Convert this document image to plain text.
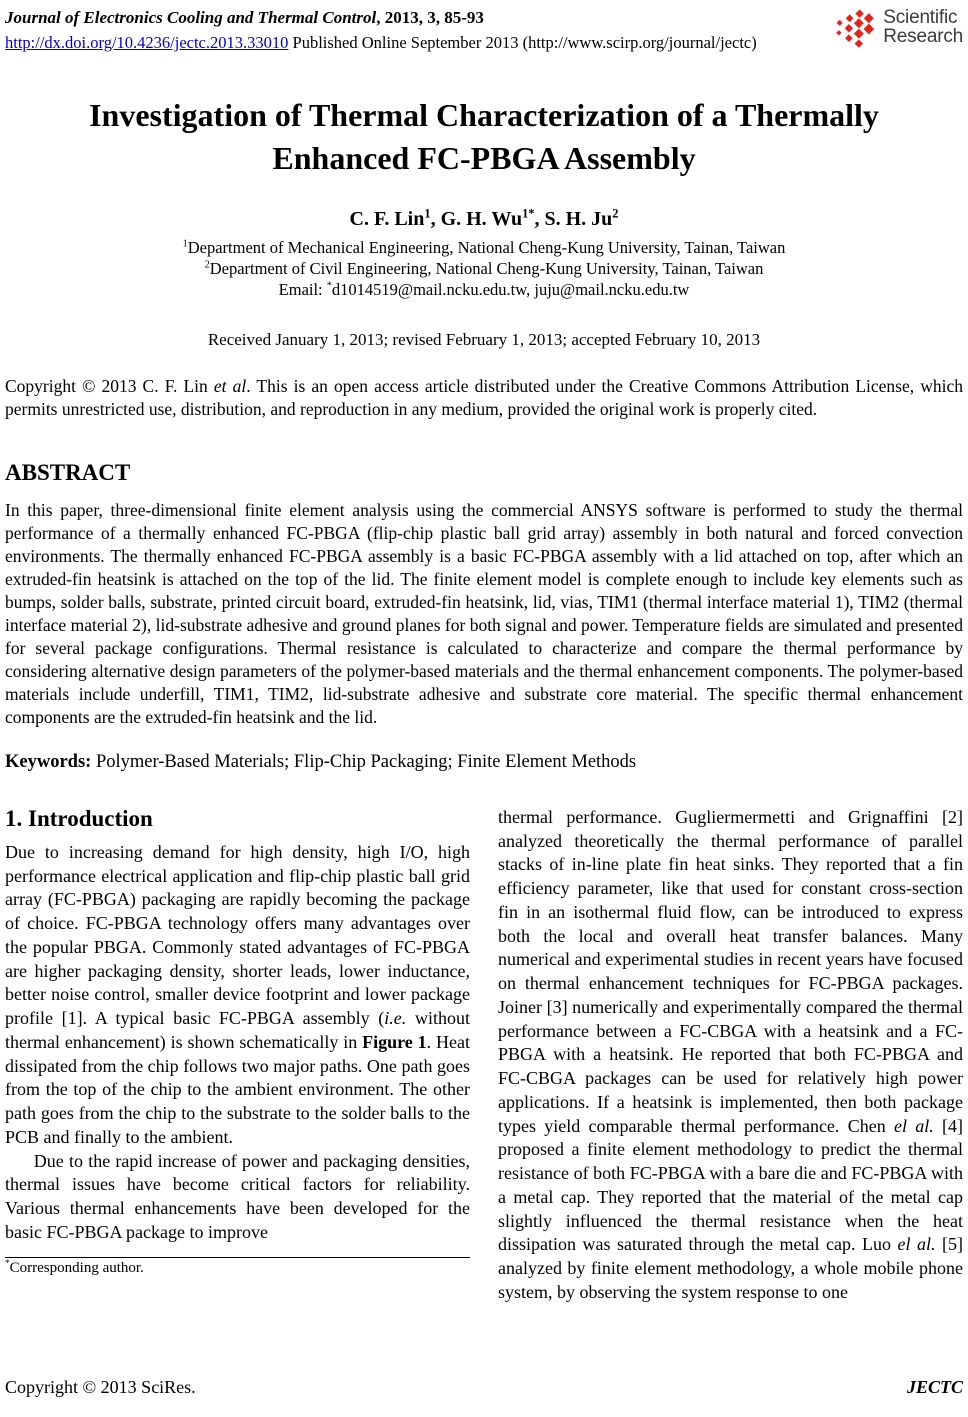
Journal of Electronics Cooling and Thermal Control, 2013, 3, 85-93
http://dx.doi.org/10.4236/jectc.2013.33010 Published Online September 2013 (http://www.scirp.org/journal/jectc)
Scientific
Research
Investigation of Thermal Characterization of a Thermally
Enhanced FC-PBGA Assembly
C. F. Lin$^1$, G. H. $Wu^{1*}$, S. H. Ju$^2$
$^1$Department of Mechanical Engineering, National Cheng-Kung University, Tainan, Taiwan
$^2$Department of Civil Engineering, National Cheng-Kung University, Tainan, Taiwan
Email: *d1014519@mail.ncku.edu.tw, juju@mail.ncku.edu.tw
Received January 1, 2013; revised February 1, 2013; accepted February 10, 2013
Copyright © 2013 C. F. Lin et al. This is an open access article distributed under the Creative Commons Attribution License, which permits unrestricted use, distribution, and reproduction in any medium, provided the original work is properly cited.
ABSTRACT

In this paper, three-dimensional finite element analysis using the commercial ANSYS software is performed to study the thermal performance of a thermally enhanced FC-PBGA (flip-chip plastic ball grid array) assembly in both natural and forced convection environments. The thermally enhanced FC-PBGA assembly is a basic FC-PBGA assembly with a lid attached on top, after which an extruded-fin heatsink is attached on the top of the lid. The finite element model is complete enough to include key elements such as bumps, solder balls, substrate, printed circuit board, extruded-fin heatsink, lid, vias, TIM1 (thermal interface material 1), TIM2 (thermal interface material 2), lid-substrate adhesive and ground planes for both signal and power. Temperature fields are simulated and presented for several package configurations. Thermal resistance is calculated to characterize and compare the thermal performance by considering alternative design parameters of the polymer-based materials and the thermal enhancement components. The polymer-based materials include underfill, TIM1, TIM2, lid-substrate adhesive and substrate core material. The specific thermal enhancement components are the extruded-fin heatsink and the lid.

Keywords: Polymer-Based Materials; Flip-Chip Packaging; Finite Element Methods
1. Introduction

Due to increasing demand for high density, high I/O, high performance electrical application and flip-chip plastic ball grid array (FC-PBGA) packaging are rapidly becoming the package of choice. FC-PBGA technology offers many advantages over the popular PBGA. Commonly stated advantages of FC-PBGA are higher packaging density, shorter leads, lower inductance, better noise control, smaller device footprint and lower package profile [1]. A typical basic FC-PBGA assembly (i.e. without thermal enhancement) is shown schematically in Figure 1. Heat dissipated from the chip follows two major paths. One path goes from the top of the chip to the ambient environment. The other path goes from the chip to the substrate to the solder balls to the PCB and finally to the ambient.

Due to the rapid increase of power and packaging densities, thermal issues have become critical factors for reliability. Various thermal enhancements have been developed for the basic FC-PBGA package to improve

*Corresponding author.

thermal performance. Gugliermermetti and Grignaffini [2] analyzed theoretically the thermal performance of parallel stacks of in-line plate fin heat sinks. They reported that a fin efficiency parameter, like that used for constant cross-section fin in an isothermal fluid flow, can be introduced to express both the local and overall heat transfer balances. Many numerical and experimental studies in recent years have focused on thermal enhancement techniques for FC-PBGA packages. Joiner [3] numerically and experimentally compared the thermal performance between a FC-CBGA with a heatsink and a FC-PBGA with a heatsink. He reported that both FC-PBGA and FC-CBGA packages can be used for relatively high power applications. If a heatsink is implemented, then both package types yield comparable thermal performance. Chen el al. [4] proposed a finite element methodology to predict the thermal resistance of both FC-PBGA with a bare die and FC-PBGA with a metal cap. They reported that the material of the metal cap slightly influenced the thermal resistance when the heat dissipation was saturated through the metal cap. Luo el al. [5] analyzed by finite element methodology, a whole mobile phone system, by observing the system response to one

Copyright © 2013 SciRes.	JECTC
